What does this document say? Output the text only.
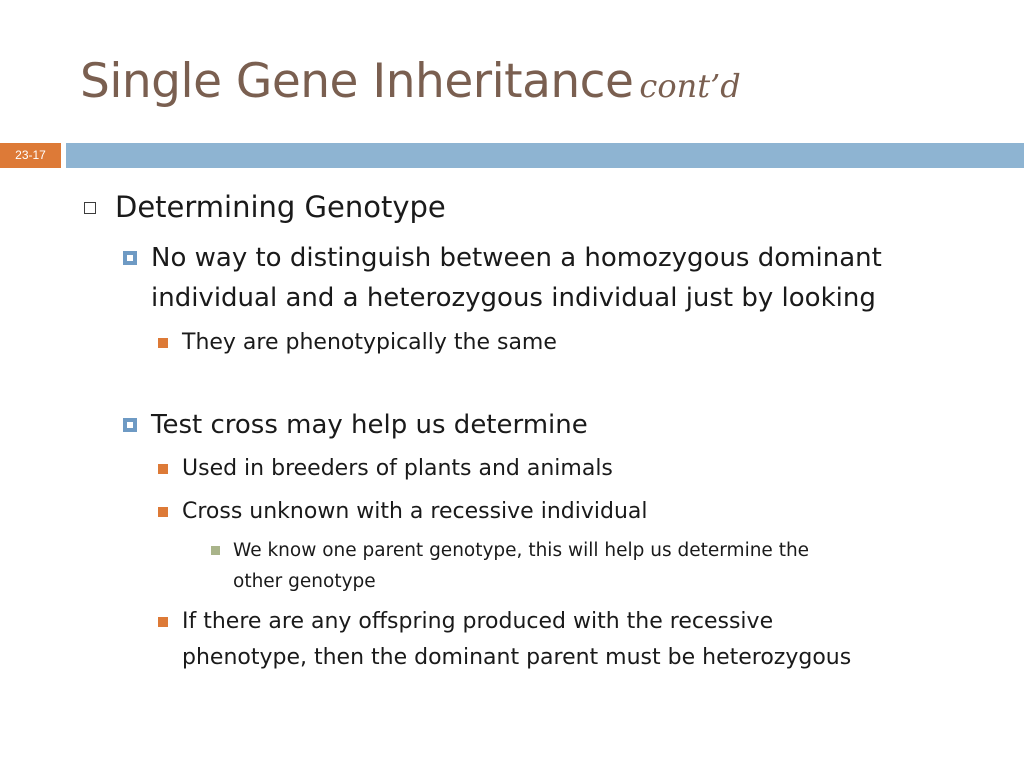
Single Gene Inheritance cont’d
23-17
Determining Genotype
No way to distinguish between a homozygous dominant
individual and a heterozygous individual just by looking
They are phenotypically the same
Test cross may help us determine
Used in breeders of plants and animals
Cross unknown with a recessive individual
We know one parent genotype, this will help us determine the
other genotype
If there are any offspring produced with the recessive
phenotype, then the dominant parent must be heterozygous
